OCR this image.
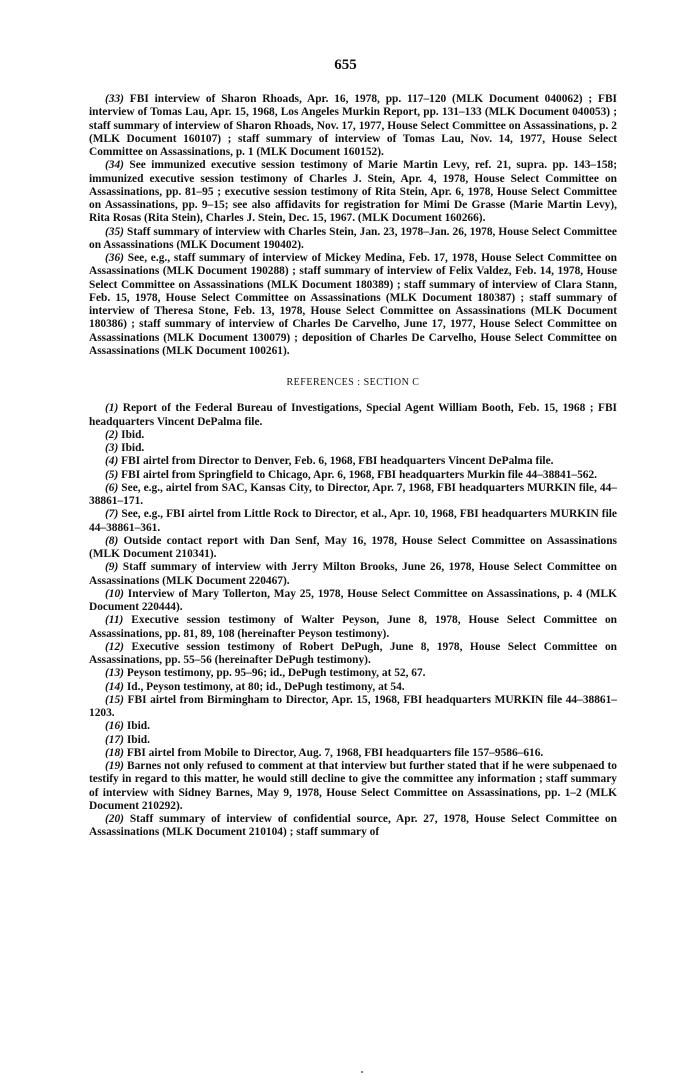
655

(33) FBI interview of Sharon Rhoads, Apr. 16, 1978, pp. 117–120 (MLK Document 040062) ; FBI interview of Tomas Lau, Apr. 15, 1968, Los Angeles Murkin Report, pp. 131–133 (MLK Document 040053) ; staff summary of interview of Sharon Rhoads, Nov. 17, 1977, House Select Committee on Assassinations, p. 2 (MLK Document 160107) ; staff summary of interview of Tomas Lau, Nov. 14, 1977, House Select Committee on Assassinations, p. 1 (MLK Document 160152).

(34) See immunized executive session testimony of Marie Martin Levy, ref. 21, supra. pp. 143–158; immunized executive session testimony of Charles J. Stein, Apr. 4, 1978, House Select Committee on Assassinations, pp. 81–95 ; executive session testimony of Rita Stein, Apr. 6, 1978, House Select Committee on Assassinations, pp. 9–15; see also affidavits for registration for Mimi De Grasse (Marie Martin Levy), Rita Rosas (Rita Stein), Charles J. Stein, Dec. 15, 1967. (MLK Document 160266).

(35) Staff summary of interview with Charles Stein, Jan. 23, 1978–Jan. 26, 1978, House Select Committee on Assassinations (MLK Document 190402).

(36) See, e.g., staff summary of interview of Mickey Medina, Feb. 17, 1978, House Select Committee on Assassinations (MLK Document 190288) ; staff summary of interview of Felix Valdez, Feb. 14, 1978, House Select Committee on Assassinations (MLK Document 180389) ; staff summary of interview of Clara Stann, Feb. 15, 1978, House Select Committee on Assassinations (MLK Document 180387) ; staff summary of interview of Theresa Stone, Feb. 13, 1978, House Select Committee on Assassinations (MLK Document 180386) ; staff summary of interview of Charles De Carvelho, June 17, 1977, House Select Committee on Assassinations (MLK Document 130079) ; deposition of Charles De Carvelho, House Select Committee on Assassinations (MLK Document 100261).

REFERENCES : SECTION C

(1) Report of the Federal Bureau of Investigations, Special Agent William Booth, Feb. 15, 1968 ; FBI headquarters Vincent DePalma file.

(2) Ibid.

(3) Ibid.

(4) FBI airtel from Director to Denver, Feb. 6, 1968, FBI headquarters Vincent DePalma file.

(5) FBI airtel from Springfield to Chicago, Apr. 6, 1968, FBI headquarters Murkin file 44–38841–562.

(6) See, e.g., airtel from SAC, Kansas City, to Director, Apr. 7, 1968, FBI headquarters MURKIN file, 44–38861–171.

(7) See, e.g., FBI airtel from Little Rock to Director, et al., Apr. 10, 1968, FBI headquarters MURKIN file 44–38861–361.

(8) Outside contact report with Dan Senf, May 16, 1978, House Select Committee on Assassinations (MLK Document 210341).

(9) Staff summary of interview with Jerry Milton Brooks, June 26, 1978, House Select Committee on Assassinations (MLK Document 220467).

(10) Interview of Mary Tollerton, May 25, 1978, House Select Committee on Assassinations, p. 4 (MLK Document 220444).

(11) Executive session testimony of Walter Peyson, June 8, 1978, House Select Committee on Assassinations, pp. 81, 89, 108 (hereinafter Peyson testimony).

(12) Executive session testimony of Robert DePugh, June 8, 1978, House Select Committee on Assassinations, pp. 55–56 (hereinafter DePugh testimony).

(13) Peyson testimony, pp. 95–96; id., DePugh testimony, at 52, 67.

(14) Id., Peyson testimony, at 80; id., DePugh testimony, at 54.

(15) FBI airtel from Birmingham to Director, Apr. 15, 1968, FBI headquarters MURKIN file 44–38861–1203.

(16) Ibid.

(17) Ibid.

(18) FBI airtel from Mobile to Director, Aug. 7, 1968, FBI headquarters file 157–9586–616.

(19) Barnes not only refused to comment at that interview but further stated that if he were subpenaed to testify in regard to this matter, he would still decline to give the committee any information ; staff summary of interview with Sidney Barnes, May 9, 1978, House Select Committee on Assassinations, pp. 1–2 (MLK Document 210292).

(20) Staff summary of interview of confidential source, Apr. 27, 1978, House Select Committee on Assassinations (MLK Document 210104) ; staff summary of
